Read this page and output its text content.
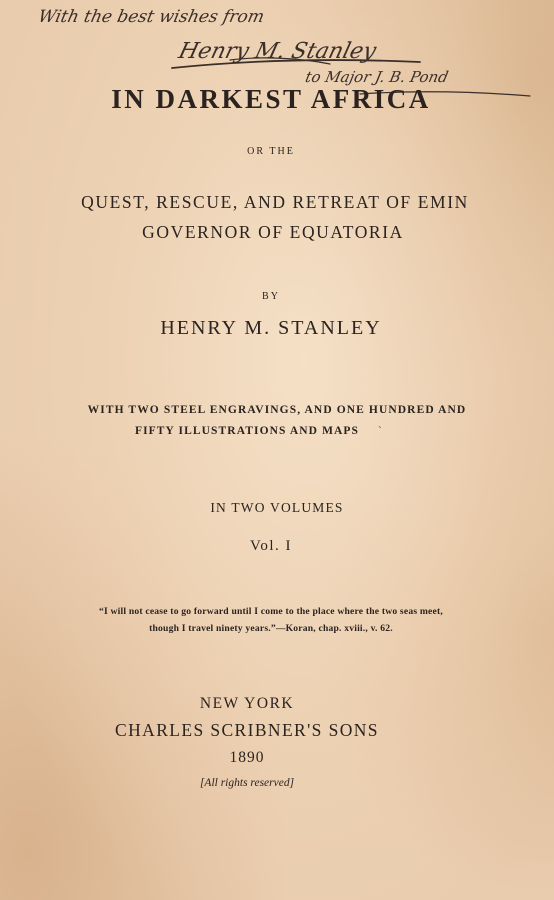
With the best wishes from
Henry M. Stanley
to Major J. B. Pond
IN DARKEST AFRICA
OR THE
QUEST, RESCUE, AND RETREAT OF EMIN
GOVERNOR OF EQUATORIA
BY
HENRY M. STANLEY
WITH TWO STEEL ENGRAVINGS, AND ONE HUNDRED AND
FIFTY ILLUSTRATIONS AND MAPS	`
IN TWO VOLUMES
Vol. I
“I will not cease to go forward until I come to the place where the two seas meet,
though I travel ninety years.”—Koran, chap. xviii., v. 62.
NEW YORK
CHARLES SCRIBNER'S SONS
1890
[All rights reserved]
